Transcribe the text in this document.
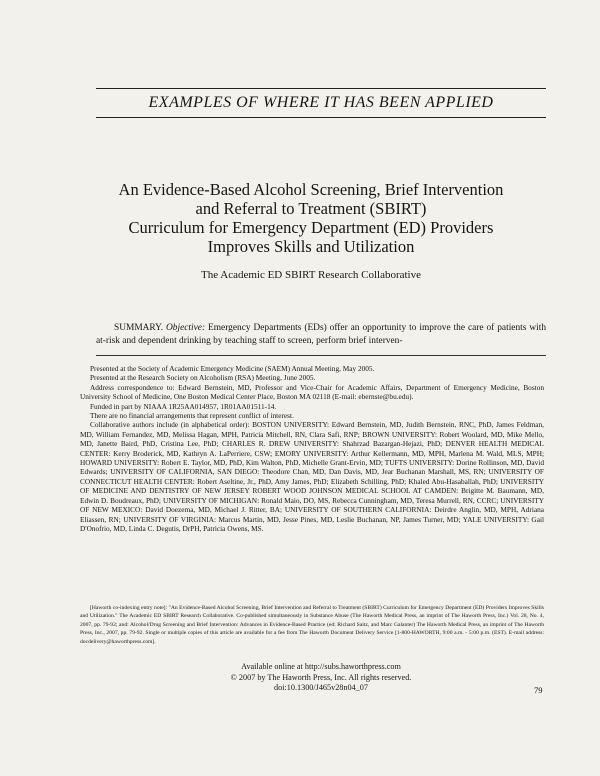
EXAMPLES OF WHERE IT HAS BEEN APPLIED
An Evidence-Based Alcohol Screening, Brief Intervention
and Referral to Treatment (SBIRT)
Curriculum for Emergency Department (ED) Providers
Improves Skills and Utilization
The Academic ED SBIRT Research Collaborative

SUMMARY. Objective: Emergency Departments (EDs) offer an opportunity to improve the care of patients with at-risk and dependent drinking by teaching staff to screen, perform brief interven-

Presented at the Society of Academic Emergency Medicine (SAEM) Annual Meeting, May 2005.

Presented at the Research Society on Alcoholism (RSA) Meeting, June 2005.

Address correspondence to: Edward Bernstein, MD, Professor and Vice-Chair for Academic Affairs, Department of Emergency Medicine, Boston University School of Medicine, One Boston Medical Center Place, Boston MA 02118 (E-mail: ebernste@bu.edu).

Funded in part by NIAAA 1R25AA014957, 1R01AA01511-14.

There are no financial arrangements that represent conflict of interest.

Collaborative authors include (in alphabetical order): BOSTON UNIVERSITY: Edward Bernstein, MD, Judith Bernstein, RNC, PhD, James Feldman, MD, William Fernandez, MD, Melissa Hagan, MPH, Patricia Mitchell, RN, Clara Safi, RNP; BROWN UNIVERSITY: Robert Woolard, MD, Mike Mello, MD, Janette Baird, PhD, Cristina Lee, PhD; CHARLES R. DREW UNIVERSITY: Shahrzad Bazargan-Hejazi, PhD; DENVER HEALTH MEDICAL CENTER: Kerry Broderick, MD, Kathryn A. LaPerriere, CSW; EMORY UNIVERSITY: Arthur Kellermann, MD, MPH, Marlena M. Wald, MLS, MPH; HOWARD UNIVERSITY: Robert E. Taylor, MD, PhD, Kim Walton, PhD, Michelle Grant-Ervin, MD; TUFTS UNIVERSITY: Dorine Rollinson, MD, David Edwards; UNIVERSITY OF CALIFORNIA, SAN DIEGO: Theodore Chan, MD, Dan Davis, MD, Jear Buchanan Marshall, MS, RN; UNIVERSITY OF CONNECTICUT HEALTH CENTER: Robert Aseltine, Jr., PhD, Amy James, PhD; Elizabeth Schilling, PhD; Khaled Abu-Hasaballah, PhD; UNIVERSITY OF MEDICINE AND DENTISTRY OF NEW JERSEY ROBERT WOOD JOHNSON MEDICAL SCHOOL AT CAMDEN: Brigitte M. Baumann, MD, Edwin D. Boudreaux, PhD; UNIVERSITY OF MICHIGAN: Ronald Maio, DO, MS, Rebecca Cunningham, MD, Teresa Murrell, RN, CCRC; UNIVERSITY OF NEW MEXICO: David Doezema, MD, Michael J. Ritter, BA; UNIVERSITY OF SOUTHERN CALIFORNIA: Deirdre Anglin, MD, MPH, Adriana Eliassen, RN; UNIVERSITY OF VIRGINIA: Marcus Martin, MD, Jesse Pines, MD, Leslie Buchanan, NP, James Turner, MD; YALE UNIVERSITY: Gail D'Onofrio, MD, Linda C. Degutis, DrPH, Patricia Owens, MS.

[Haworth co-indexing entry note]: "An Evidence-Based Alcohol Screening, Brief Intervention and Referral to Treatment (SBIRT) Curriculum for Emergency Department (ED) Providers Improves Skills and Utilization." The Academic ED SBIRT Research Collaborative. Co-published simultaneously in Substance Abuse (The Haworth Medical Press, an imprint of The Haworth Press, Inc.) Vol. 28, No. 4, 2007, pp. 79-92; and: Alcohol/Drug Screening and Brief Intervention: Advances in Evidence-Based Practice (ed: Richard Saitz, and Marc Galanter) The Haworth Medical Press, an imprint of The Haworth Press, Inc., 2007, pp. 79-92. Single or multiple copies of this article are available for a fee from The Haworth Document Delivery Service [1-800-HAWORTH, 9:00 a.m. - 5:00 p.m. (EST). E-mail address: docdelivery@haworthpress.com].

Available online at http://subs.haworthpress.com
© 2007 by The Haworth Press, Inc. All rights reserved.
doi:10.1300/J465v28n04_07	79
